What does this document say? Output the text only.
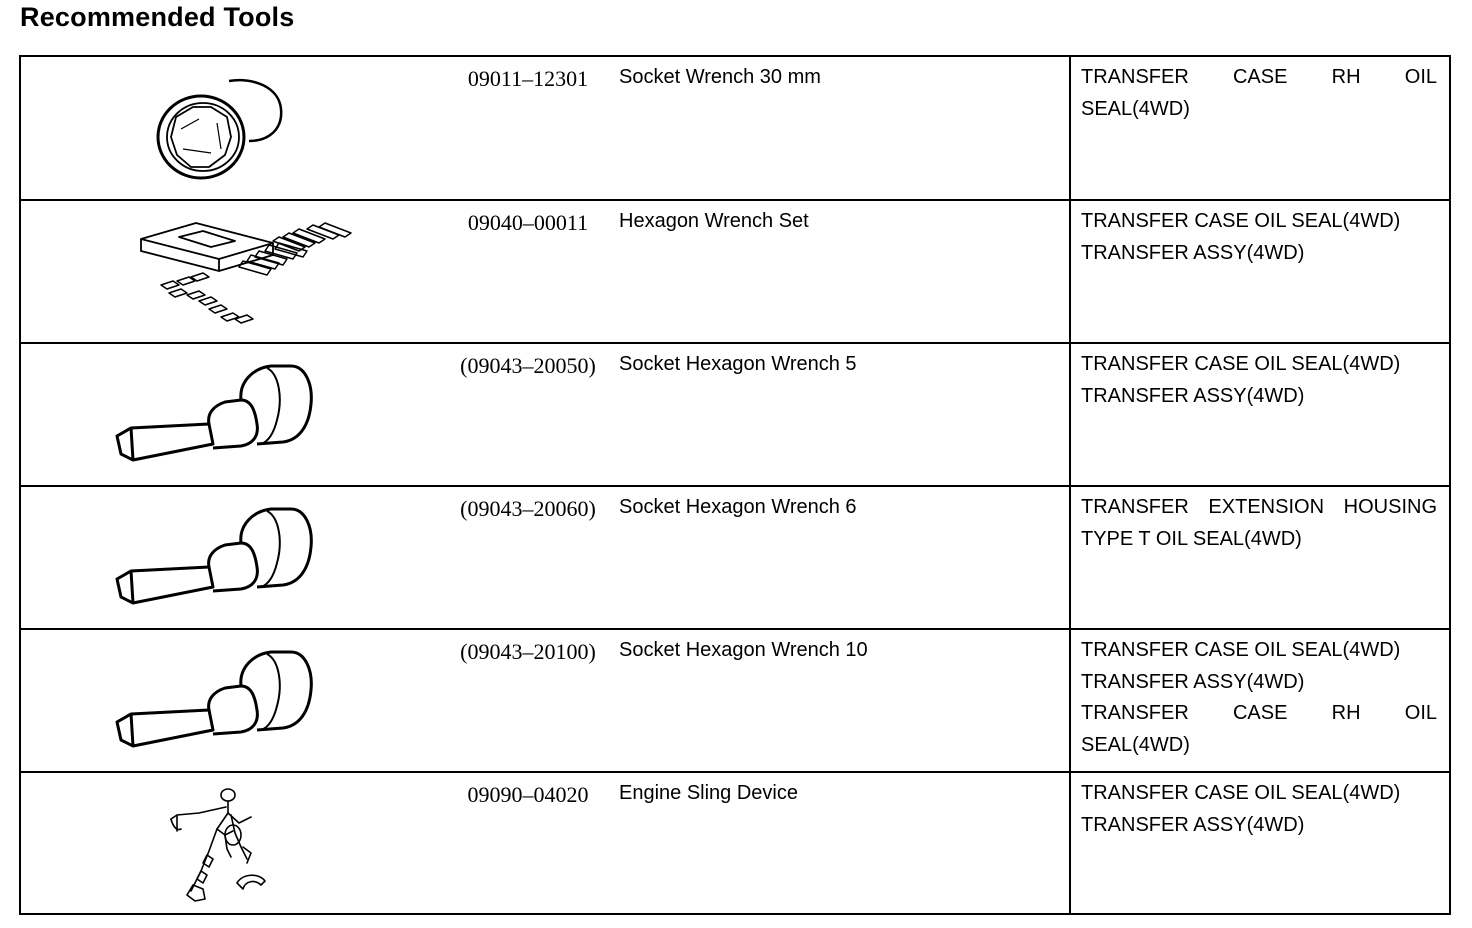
Recommended Tools
09011–12301	Socket Wrench 30 mm	TRANSFER CASE RH OIL

SEAL(4WD)

09040–00011	Hexagon Wrench Set	TRANSFER CASE OIL SEAL(4WD)

TRANSFER ASSY(4WD)

(09043–20050)	Socket Hexagon Wrench 5	TRANSFER CASE OIL SEAL(4WD)

TRANSFER ASSY(4WD)

(09043–20060)	Socket Hexagon Wrench 6	TRANSFER EXTENSION HOUSING

TYPE T OIL SEAL(4WD)

(09043–20100)	Socket Hexagon Wrench 10	TRANSFER CASE OIL SEAL(4WD)

TRANSFER ASSY(4WD)

TRANSFER CASE RH OIL

SEAL(4WD)

09090–04020	Engine Sling Device	TRANSFER CASE OIL SEAL(4WD)

TRANSFER ASSY(4WD)
